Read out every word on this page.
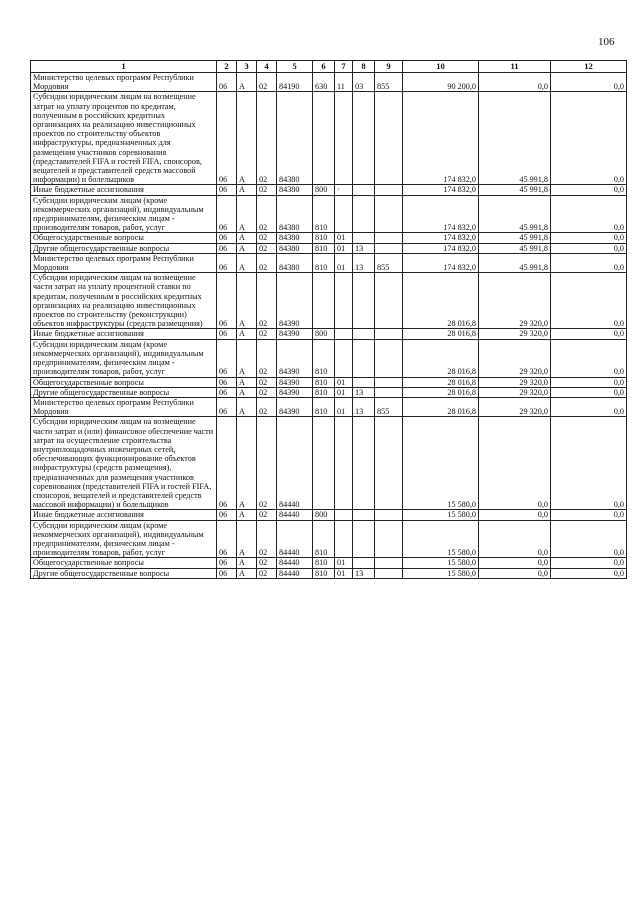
106
1	2	3	4	5	6	7	8	9	10	11	12
Министерство целевых программ Республики Мордовия	06	А	02	84190	630	11	03	855	90 200,0	0,0	0,0
Субсидии юридическим лицам на возмещение затрат на уплату процентов по кредитам, полученным в российских кредитных организациях на реализацию инвестиционных проектов по строительству объектов инфраструктуры, предназначенных для размещения участников соревнования (представителей FIFA и гостей FIFA, спонсоров, вещателей и представителей средств массовой информации) и болельщиков	06	А	02	84380					174 832,0	45 991,8	0,0
Иные бюджетные ассигнования	06	А	02	84380	800	·			174 832,0	45 991,8	0,0
Субсидии юридическим лицам (кроме некоммерческих организаций), индивидуальным предпринимателям, физическим лицам - производителям товаров, работ, услуг	06	А	02	84380	810				174 832,0	45 991,8	0,0
Общегосударственные вопросы	06	А	02	84380	810	01			174 832,0	45 991,8	0,0
Другие общегосударственные вопросы	06	А	02	84380	810	01	13		174 832,0	45 991,8	0,0
Министерство целевых программ Республики Мордовия	06	А	02	84380	810	01	13	855	174 832,0	45 991,8	0,0
Субсидии юридическим лицам на возмещение части затрат на уплату процентной ставки по кредитам, полученным в российских кредитных организациях на реализацию инвестиционных проектов по строительству (реконструкции) объектов инфраструктуры (средств размещения)	06	А	02	84390					28 016,8	29 320,0	0,0
Иные бюджетные ассигнования	06	А	02	84390	800				28 016,8	29 320,0	0,0
Субсидии юридическим лицам (кроме некоммерческих организаций), индивидуальным предпринимателям, физическим лицам - производителям товаров, работ, услуг	06	А	02	84390	810				28 016,8	29 320,0	0,0
Общегосударственные вопросы	06	А	02	84390	810	01			28 016,8	29 320,0	0,0
Другие общегосударственные вопросы	06	А	02	84390	810	01	13		28 016,8	29 320,0	0,0
Министерство целевых программ Республики Мордовия	06	А	02	84390	810	01	13	855	28 016,8	29 320,0	0,0
Субсидии юридическим лицам на возмещение части затрат и (или) финансовое обеспечение части затрат на осуществление строительства внутриплощадочных инженерных сетей, обеспечивающих функционирование объектов инфраструктуры (средств размещения), предназначенных для размещения участников соревнования (представителей FIFA и гостей FIFA, спонсоров, вещателей и представителей средств массовой информации) и болельщиков	06	А	02	84440					15 580,0	0,0	0,0
Иные бюджетные ассигнования	06	А	02	84440	800				15 580,0	0,0	0,0
Субсидии юридическим лицам (кроме некоммерческих организаций), индивидуальным предпринимателям, физическим лицам - производителям товаров, работ, услуг	06	А	02	84440	810				15 580,0	0,0	0,0
Общегосударственные вопросы	06	А	02	84440	810	01			15 580,0	0,0	0,0
Другие общегосударственные вопросы	06	А	02	84440	810	01	13		15 580,0	0,0	0,0
